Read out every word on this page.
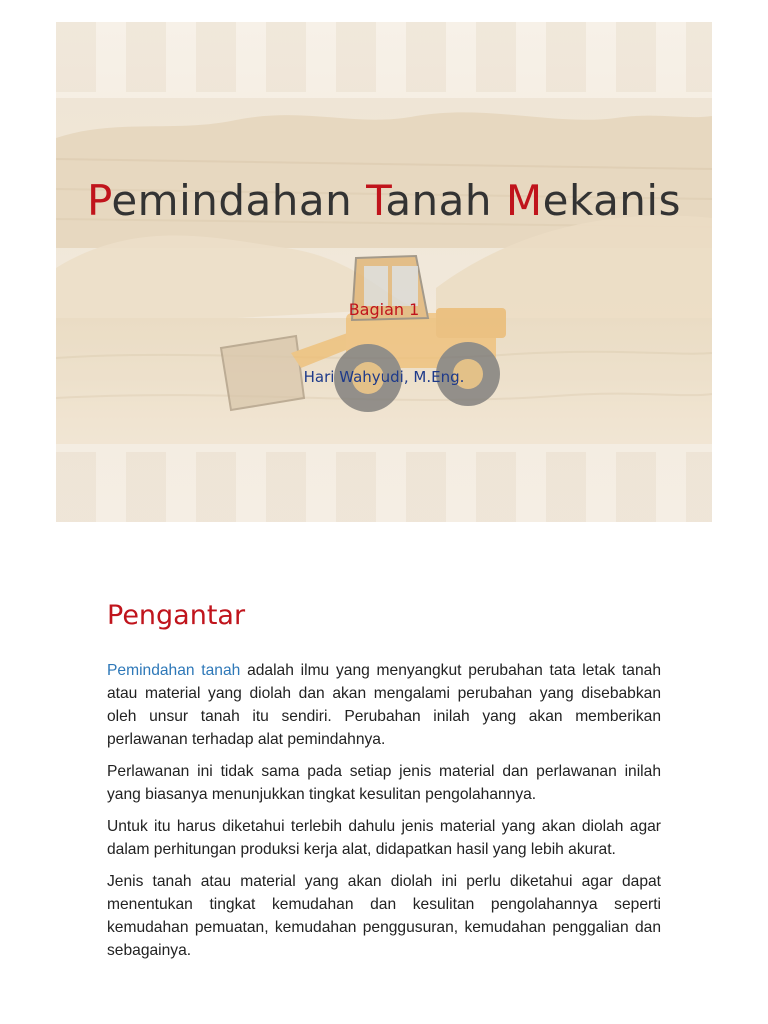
Pemindahan Tanah Mekanis
Bagian 1
Hari Wahyudi, M.Eng.
Pengantar

Pemindahan tanah adalah ilmu yang menyangkut perubahan tata letak tanah atau material yang diolah dan akan mengalami perubahan yang disebabkan oleh unsur tanah itu sendiri. Perubahan inilah yang akan memberikan perlawanan terhadap alat pemindahnya.

Perlawanan ini tidak sama pada setiap jenis material dan perlawanan inilah yang biasanya menunjukkan tingkat kesulitan pengolahannya.

Untuk itu harus diketahui terlebih dahulu jenis material yang akan diolah agar dalam perhitungan produksi kerja alat, didapatkan hasil yang lebih akurat.

Jenis tanah atau material yang akan diolah ini perlu diketahui agar dapat menentukan tingkat kemudahan dan kesulitan pengolahannya seperti kemudahan pemuatan, kemudahan penggusuran, kemudahan penggalian dan sebagainya.
